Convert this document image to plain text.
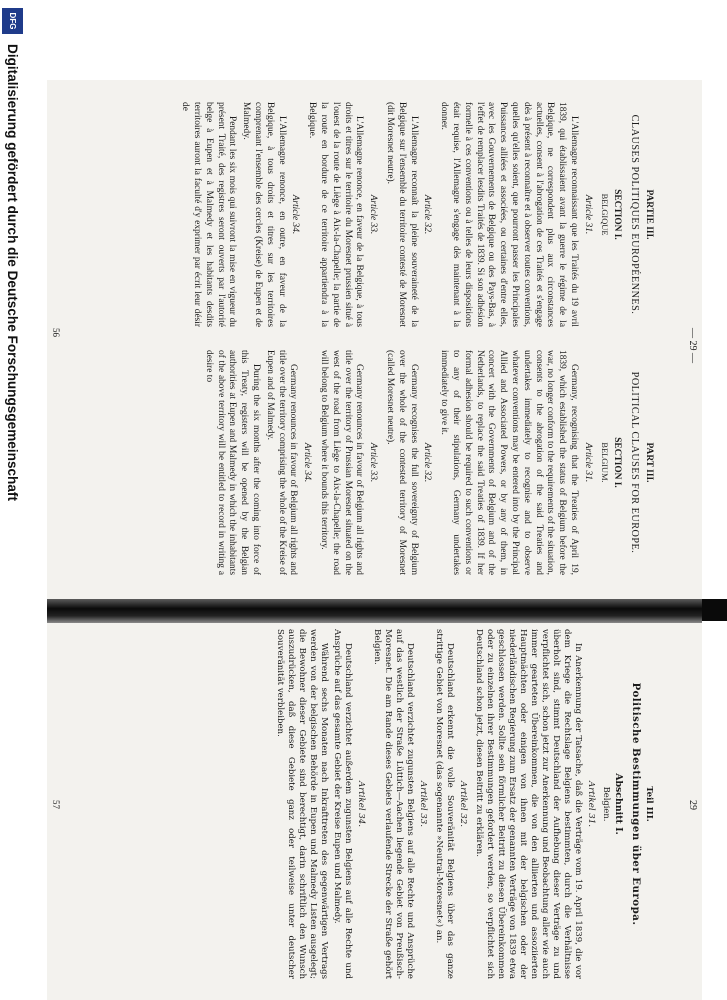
— 29 —
PARTIE III.
CLAUSES POLITIQUES EUROPÉENNES.
SECTION I.
BELGIQUE
Article 31.

L'Allemagne reconnaissant que les Traités du 19 avril 1839, qui établissaient avant la guerre le régime de la Belgique, ne correspondent plus aux circonstances actuelles, consent à l'abrogation de ces Traités et s'engage dès à présent à reconnaître et à observer toutes conventions, quelles qu'elles soient, que pourront passer les Principales Puissances alliées et associées, ou certaines d'entre elles, avec les Gouvernements de Belgique ou des Pays-Bas, à l'effet de remplacer lesdits Traités de 1839. Si son adhésion formelle à ces conventions ou à telles de leurs dispositions était requise, l'Allemagne s'engage dès maintenant à la donner.

Article 32.

L'Allemagne reconnaît la pleine souveraineté de la Belgique sur l'ensemble du territoire contesté de Moresnet (dit Moresnet neutre).

Article 33.

L'Allemagne renonce, en faveur de la Belgique, à tous droits et titres sur le territoire du Moresnet prussien situé à l'ouest de la route de Liège à Aix-la-Chapelle; la partie de la route en bordure de ce territoire appartiendra à la Belgique.

Article 34.

L'Allemagne renonce, en outre, en faveur de la Belgique, à tous droits et titres sur les territoires comprenant l'ensemble des cercles (Kreise) de Eupen et de Malmedy.

Pendant les six mois qui suivront la mise en vigueur du présent Traité, des registres seront ouverts par l'autorité belge à Eupen et à Malmedy et les habitants desdits territoires auront la faculté d'y exprimer par écrit leur désir de

PART III.
POLITICAL CLAUSES FOR EUROPE.
SECTION I.
BELGIUM.
Article 31.

Germany, recognising that the Treaties of April 19, 1839, which established the status of Belgium before the war, no longer conform to the requirements of the situation, consents to the abrogation of the said Treaties and undertakes immediately to recognise and to observe whatever conventions may be entered into by the Principal Allied and Associated Powers, or by any of them, in concert with the Governments of Belgium and of the Netherlands, to replace the said Treaties of 1839. If her formal adhesion should be required to such conventions or to any of their stipulations, Germany undertakes immediately to give it.

Article 32.

Germany recognises the full sovereignty of Belgium over the whole of the contested territory of Moresnet (called Moresnet neutre).

Article 33.

Germany renounces in favour of Belgium all rights and title over the territory of Prussian Moresnet situated on the west of the road from Liège to Aix-la-Chapelle; the road will belong to Belgium where it bounds this territory.

Article 34.

Germany renounces in favour of Belgium all rights and title over the territory comprising the whole of the Kreise of Eupen and of Malmedy.

During the six months after the coming into force of this Treaty, registers will be opened by the Belgian authorities at Eupen and Malmedy in which the inhabitants of the above territory will be entitled to record in writing a desire to

56
29
Teil III.
Politische Bestimmungen über Europa.
Abschnitt I.
Belgien.
Artikel 31.

In Anerkennung der Tatsache, daß die Verträge vom 19. April 1839, die vor dem Kriege die Rechtslage Belgiens bestimmten, durch die Verhältnisse überholt sind, stimmt Deutschland der Aufhebung dieser Verträge zu und verpflichtet sich, schon jetzt zur Anerkennung und Beobachtung aller wie auch immer gearteten Übereinkommen, die von den alliierten und assoziierten Hauptmächten oder einigen von ihnen mit der belgischen oder der niederländischen Regierung zum Ersatz der genannten Verträge von 1839 etwa geschlossen werden. Sollte sein förmlicher Beitritt zu diesen Übereinkommen oder zu einzelnen ihrer Bestimmungen gefordert werden, so verpflichtet sich Deutschland schon jetzt, diesen Beitritt zu erklären.

Artikel 32.

Deutschland erkennt die volle Souveränität Belgiens über das ganze strittige Gebiet von Moresnet (das sogenannte »Neutral-Moresnet«) an.

Artikel 33.

Deutschland verzichtet zugunsten Belgiens auf alle Rechte und Ansprüche auf das westlich der Straße Lüttich—Aachen liegende Gebiet von Preußisch-Moresnet. Die am Rande dieses Gebiets verlaufende Strecke der Straße gehört Belgien.

Artikel 34.

Deutschland verzichtet außerdem zugunsten Belgiens auf alle Rechte und Ansprüche auf das gesamte Gebiet der Kreise Eupen und Malmedy.

Während sechs Monaten nach Inkrafttreten des gegenwärtigen Vertrags werden von der belgischen Behörde in Eupen und Malmedy Listen ausgelegt; die Bewohner dieser Gebiete sind berechtigt, darin schriftlich den Wunsch auszudrücken, daß diese Gebiete ganz oder teilweise unter deutscher Souveränität verbleiben.

57
DFG
Digitalisierung gefördert durch die Deutsche Forschungsgemeinschaft
